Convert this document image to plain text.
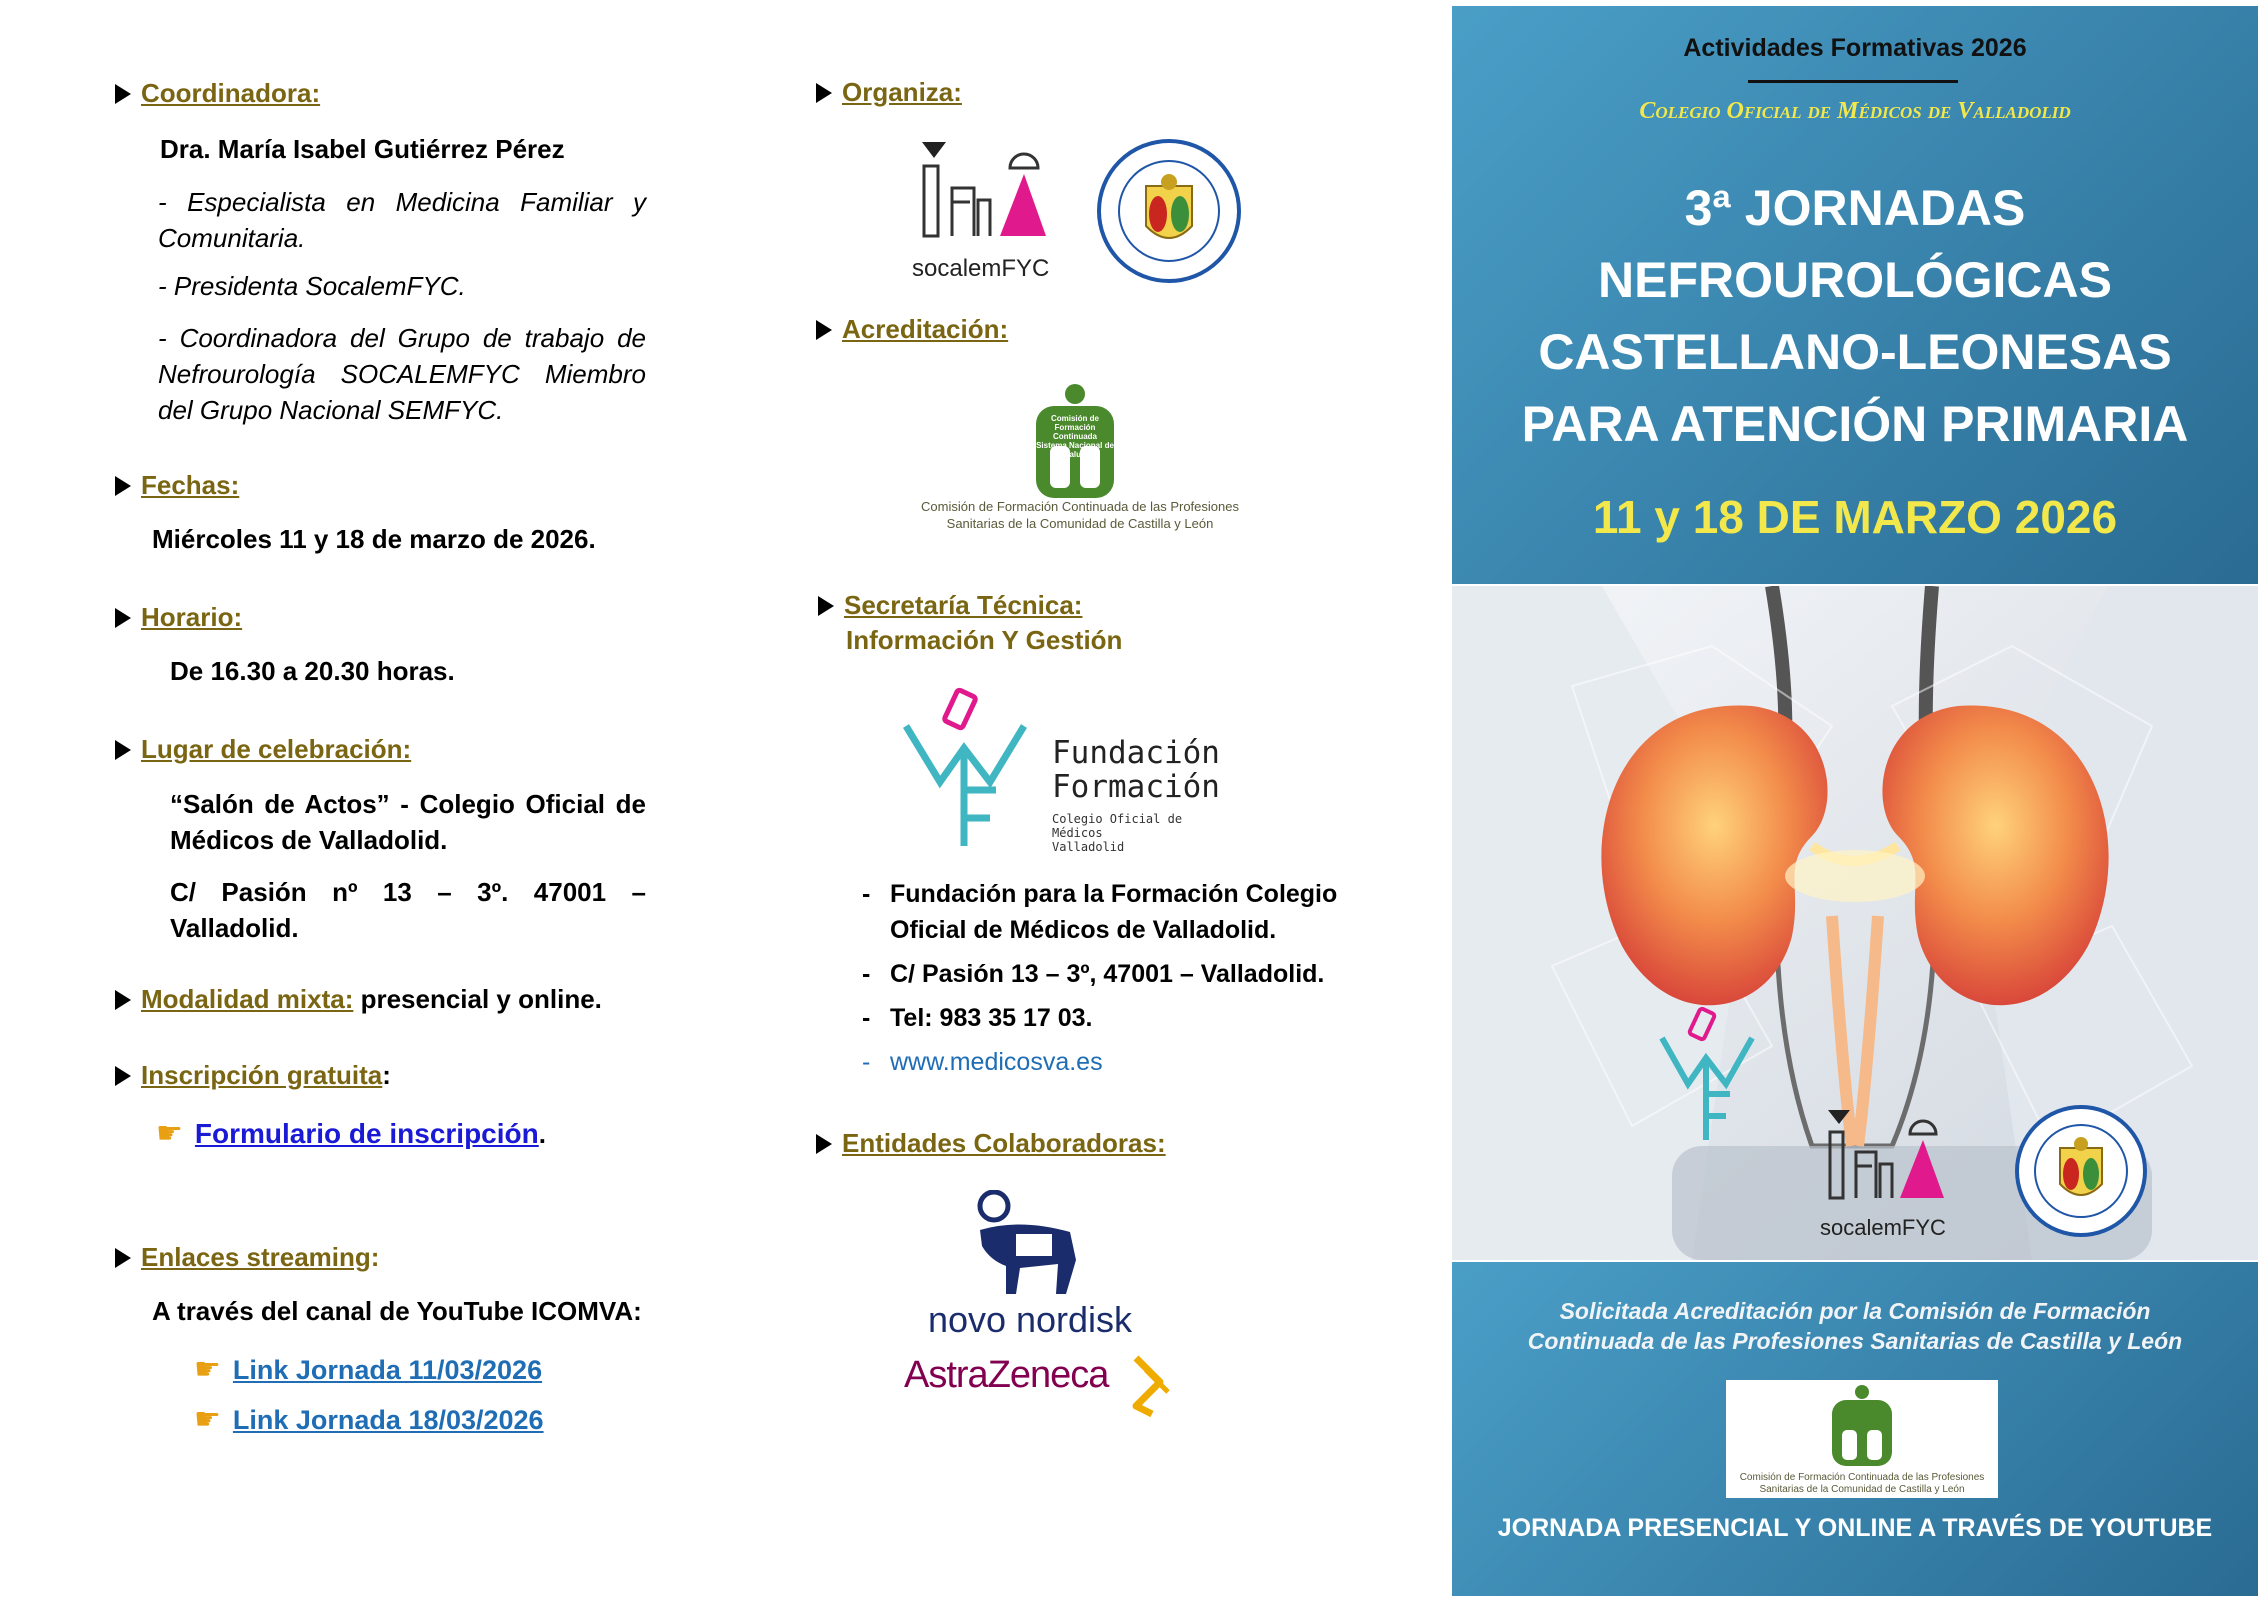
Coordinadora:
Dra. María Isabel Gutiérrez Pérez
- Especialista en Medicina Familiar y Comunitaria.
- Presidenta SocalemFYC.
- Coordinadora del Grupo de trabajo de Nefrourología SOCALEMFYC Miembro del Grupo Nacional SEMFYC.
Fechas:
Miércoles 11 y 18 de marzo de 2026.
Horario:
De 16.30 a 20.30 horas.
Lugar de celebración:
“Salón de Actos” - Colegio Oficial de Médicos de Valladolid.
C/ Pasión nº 13 – 3º. 47001 – Valladolid.
Modalidad mixta: presencial y online.
Inscripción gratuita:
☛ Formulario de inscripción.
Enlaces streaming:
A través del canal de YouTube ICOMVA:
☛ Link Jornada 11/03/2026
☛ Link Jornada 18/03/2026
Organiza:
socalemFYC
Acreditación:
Comisión de Formación Continuada
Sistema Nacional de Salud
Comisión de Formación Continuada de las Profesiones
Sanitarias de la Comunidad de Castilla y León
Secretaría Técnica:
Información Y Gestión
Fundación
Formación
Colegio Oficial de Médicos
Valladolid
- Fundación para la Formación Colegio Oficial de Médicos de Valladolid.
- C/ Pasión 13 – 3º, 47001 – Valladolid.
- Tel: 983 35 17 03.
- www.medicosva.es
Entidades Colaboradoras:
novo nordisk
AstraZeneca
Actividades Formativas 2026
Colegio Oficial de Médicos de Valladolid
3ª JORNADAS
NEFROUROLÓGICAS
CASTELLANO-LEONESAS
PARA ATENCIÓN PRIMARIA
11 y 18 DE MARZO 2026
socalemFYC
Solicitada Acreditación por la Comisión de Formación
Continuada de las Profesiones Sanitarias de Castilla y León
Comisión de Formación Continuada de las Profesiones
Sanitarias de la Comunidad de Castilla y León
JORNADA PRESENCIAL Y ONLINE A TRAVÉS DE YOUTUBE
